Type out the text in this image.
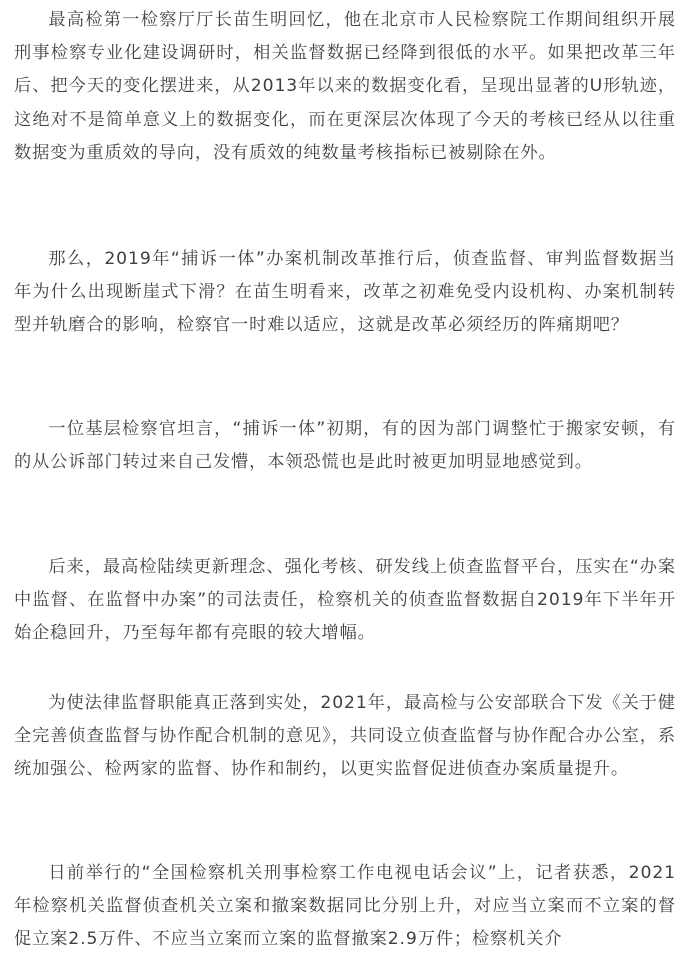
最高检第一检察厅厅长苗生明回忆，他在北京市人民检察院工作期间组织开展刑事检察专业化建设调研时，相关监督数据已经降到很低的水平。如果把改革三年后、把今天的变化摆进来，从2013年以来的数据变化看，呈现出显著的U形轨迹，这绝对不是简单意义上的数据变化，而在更深层次体现了今天的考核已经从以往重数据变为重质效的导向，没有质效的纯数量考核指标已被剔除在外。

那么，2019年“捕诉一体”办案机制改革推行后，侦查监督、审判监督数据当年为什么出现断崖式下滑？在苗生明看来，改革之初难免受内设机构、办案机制转型并轨磨合的影响，检察官一时难以适应，这就是改革必须经历的阵痛期吧？

一位基层检察官坦言，“捕诉一体”初期，有的因为部门调整忙于搬家安顿，有的从公诉部门转过来自己发懵，本领恐慌也是此时被更加明显地感觉到。

后来，最高检陆续更新理念、强化考核、研发线上侦查监督平台，压实在“办案中监督、在监督中办案”的司法责任，检察机关的侦查监督数据自2019年下半年开始企稳回升，乃至每年都有亮眼的较大增幅。

为使法律监督职能真正落到实处，2021年，最高检与公安部联合下发《关于健全完善侦查监督与协作配合机制的意见》，共同设立侦查监督与协作配合办公室，系统加强公、检两家的监督、协作和制约，以更实监督促进侦查办案质量提升。

日前举行的“全国检察机关刑事检察工作电视电话会议”上，记者获悉，2021年检察机关监督侦查机关立案和撤案数据同比分别上升，对应当立案而不立案的督促立案2.5万件、不应当立案而立案的监督撤案2.9万件；检察机关介
